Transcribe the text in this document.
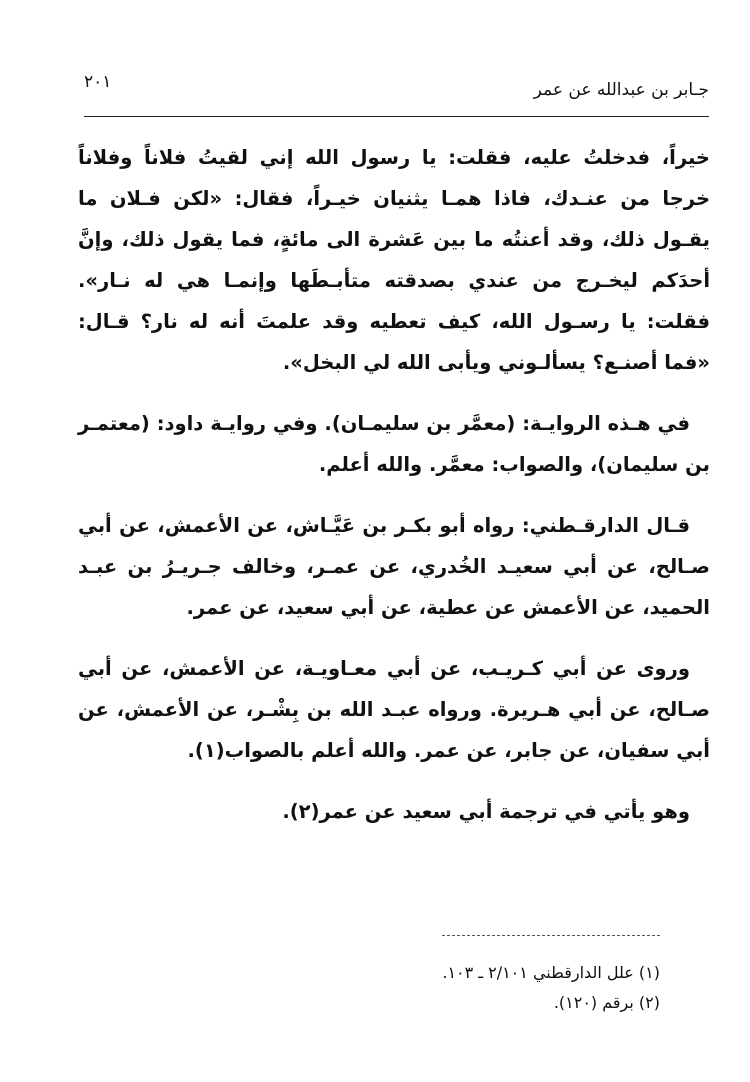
جـابر بن عبدالله عن عمر
٢٠١

خيراً، فدخلتُ عليه، فقلت: يا رسول الله إني لقيتُ فلاناً وفلاناً خرجا من عنـدك، فاذا همـا يثنيان خيـراً، فقال: «لكن فـلان ما يقـول ذلك، وقد أعنتُه ما بين عَشرة الى مائةٍ، فما يقول ذلك، وإنَّ أحدَكم ليخـرج من عندي بصدقته متأبـطَها وإنمـا هي له نـار». فقلت: يا رسـول الله، كيف تعطيه وقد علمتَ أنه له نار؟ قـال: «فما أصنـع؟ يسألـوني ويأبى الله لي البخل».

في هـذه الروايـة: (معمَّر بن سليمـان). وفي روايـة داود: (معتمـر بن سليمان)، والصواب: معمَّر. والله أعلم.

قـال الدارقـطني: رواه أبو بكـر بن عَيَّـاش، عن الأعمش، عن أبي صـالح، عن أبي سعيـد الخُدري، عن عمـر، وخالف جـريـرُ بن عبـد الحميد، عن الأعمش عن عطية، عن أبي سعيد، عن عمر.

وروى عن أبي كـريـب، عن أبي معـاويـة، عن الأعمش، عن أبي صـالح، عن أبي هـريرة. ورواه عبـد الله بن بِشْـر، عن الأعمش، عن أبي سفيان، عن جابر، عن عمر. والله أعلم بالصواب(١).

وهو يأتي في ترجمة أبي سعيد عن عمر(٢).

(١) علل الدارقطني ٢/١٠١ ـ ١٠٣.
(٢) برقم (١٢٠).
